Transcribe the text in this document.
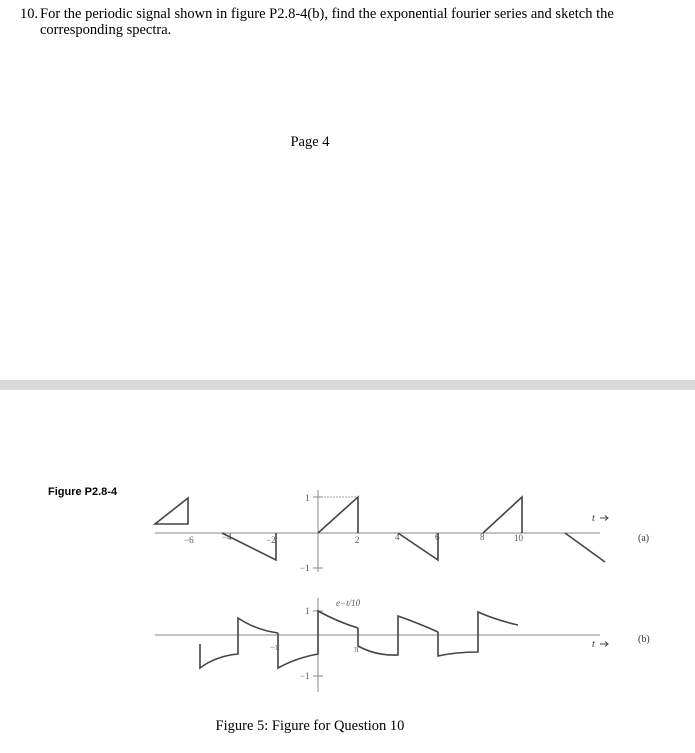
10. For the periodic signal shown in figure P2.8-4(b), find the exponential fourier series and sketch the corresponding spectra.
Page 4
Figure P2.8-4
−6	−4	−2	2	4	6	8	10
1
−1
t
(a)
−π	π
1
−1
e−t/10
t	(b)
Figure 5: Figure for Question 10
